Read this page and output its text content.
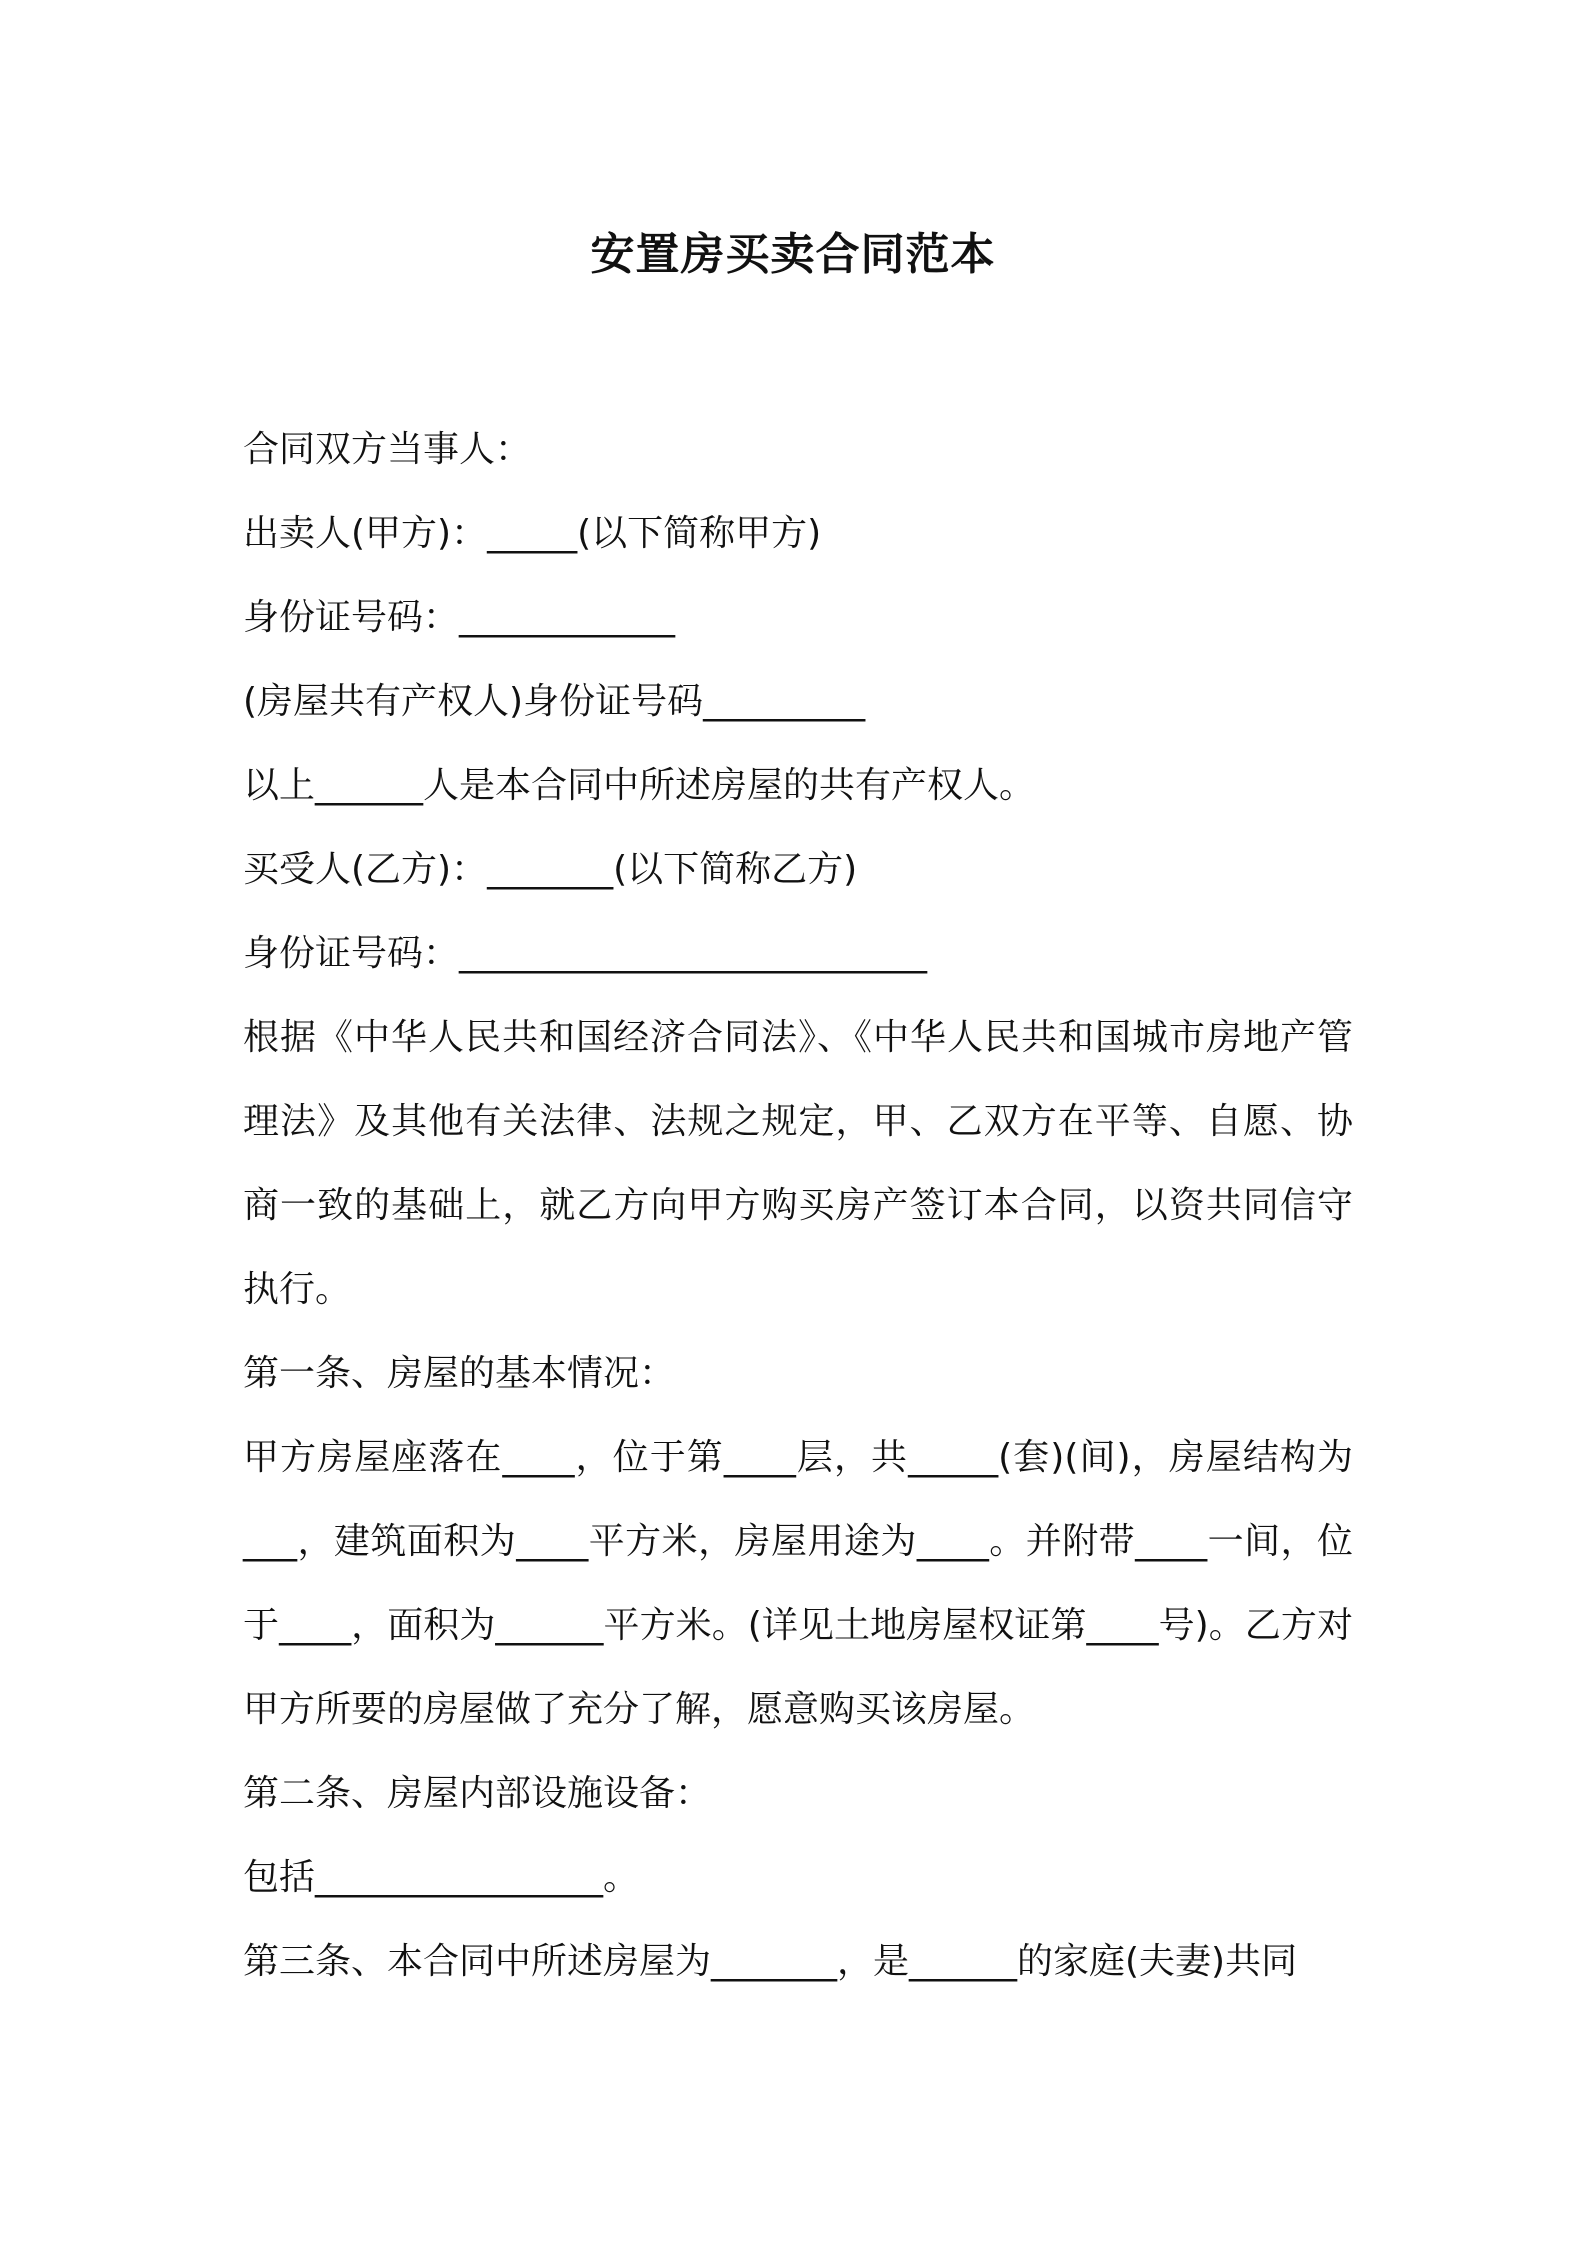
安置房买卖合同范本

合同双方当事人：

出卖人(甲方)：_____(以下简称甲方)

身份证号码：____________

(房屋共有产权人)身份证号码_________

以上______人是本合同中所述房屋的共有产权人。

买受人(乙方)：_______(以下简称乙方)

身份证号码：__________________________

根据《中华人民共和国经济合同法》、《中华人民共和国城市房地产管理法》及其他有关法律、法规之规定，甲、乙双方在平等、自愿、协商一致的基础上，就乙方向甲方购买房产签订本合同，以资共同信守执行。

第一条、房屋的基本情况：

甲方房屋座落在____，位于第____层，共_____(套)(间)，房屋结构为___，建筑面积为____平方米，房屋用途为____。并附带____一间，位于____，面积为______平方米。(详见土地房屋权证第____号)。乙方对甲方所要的房屋做了充分了解，愿意购买该房屋。

第二条、房屋内部设施设备：

包括________________。

第三条、本合同中所述房屋为_______，是______的家庭(夫妻)共同
